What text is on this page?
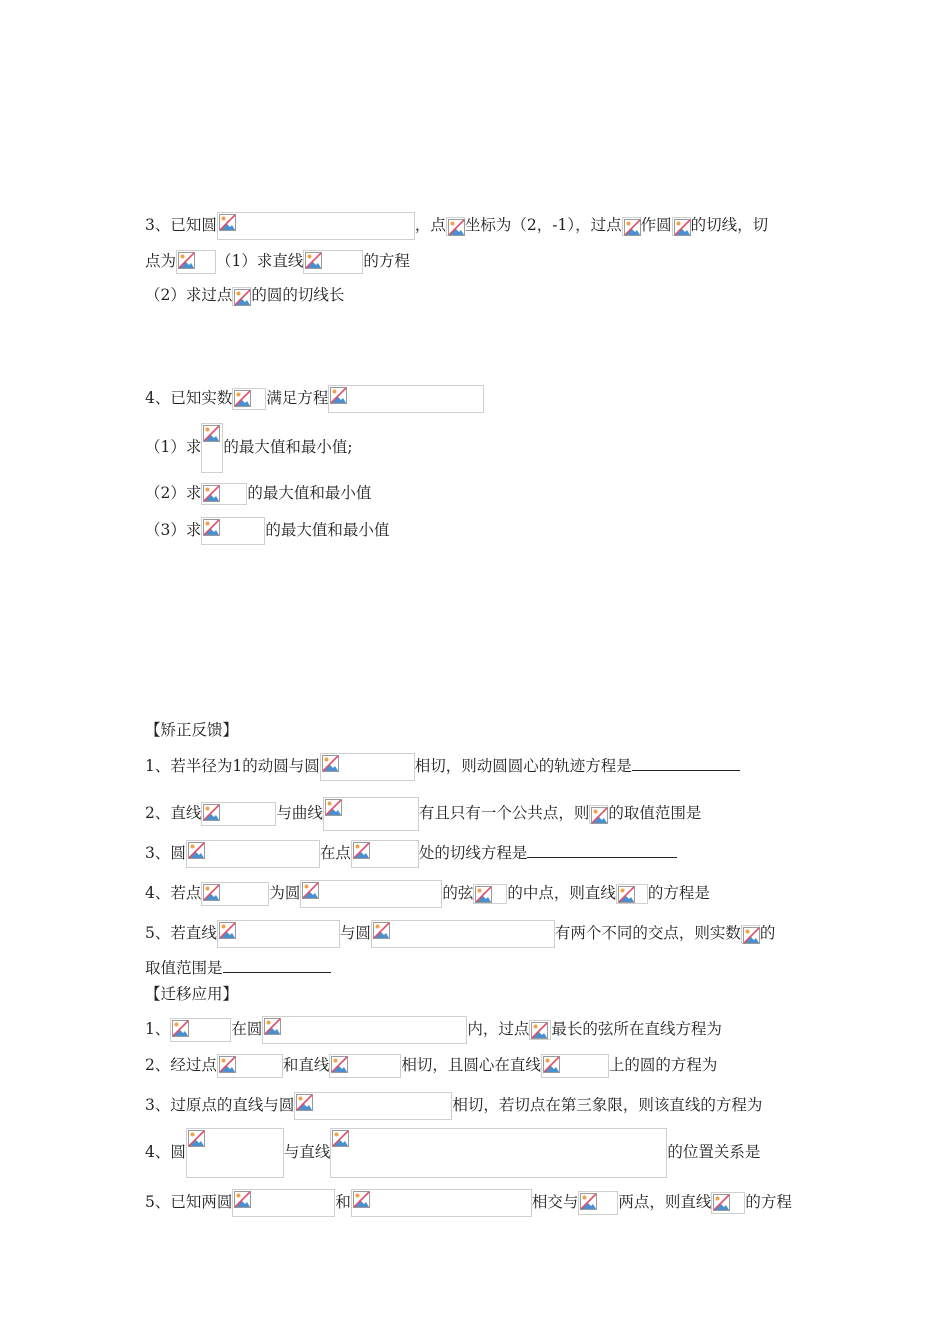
3、已知圆	，点 坐标为（2，-1），过点 作圆 的切线，切
点为	（1）求直线	的方程
（2）求过点 的圆的切线长
4、已知实数 满足方程
（1）求 的最大值和最小值;
（2）求	的最大值和最小值
（3）求	的最大值和最小值
【矫正反馈】
1、若半径为1的动圆与圆	相切，则动圆圆心的轨迹方程是
2、直线	与曲线	有且只有一个公共点，则 的取值范围是
3、圆	在点	处的切线方程是
4、若点	为圆	的弦 的中点，则直线 的方程是
5、若直线	与圆	有两个不同的交点，则实数 的
取值范围是
【迁移应用】
1、	在圆	内，过点 最长的弦所在直线方程为
2、经过点	和直线	相切，且圆心在直线	上的圆的方程为
3、过原点的直线与圆	相切，若切点在第三象限，则该直线的方程为
4、圆	与直线	的位置关系是
5、已知两圆	和	相交与	两点，则直线 的方程
